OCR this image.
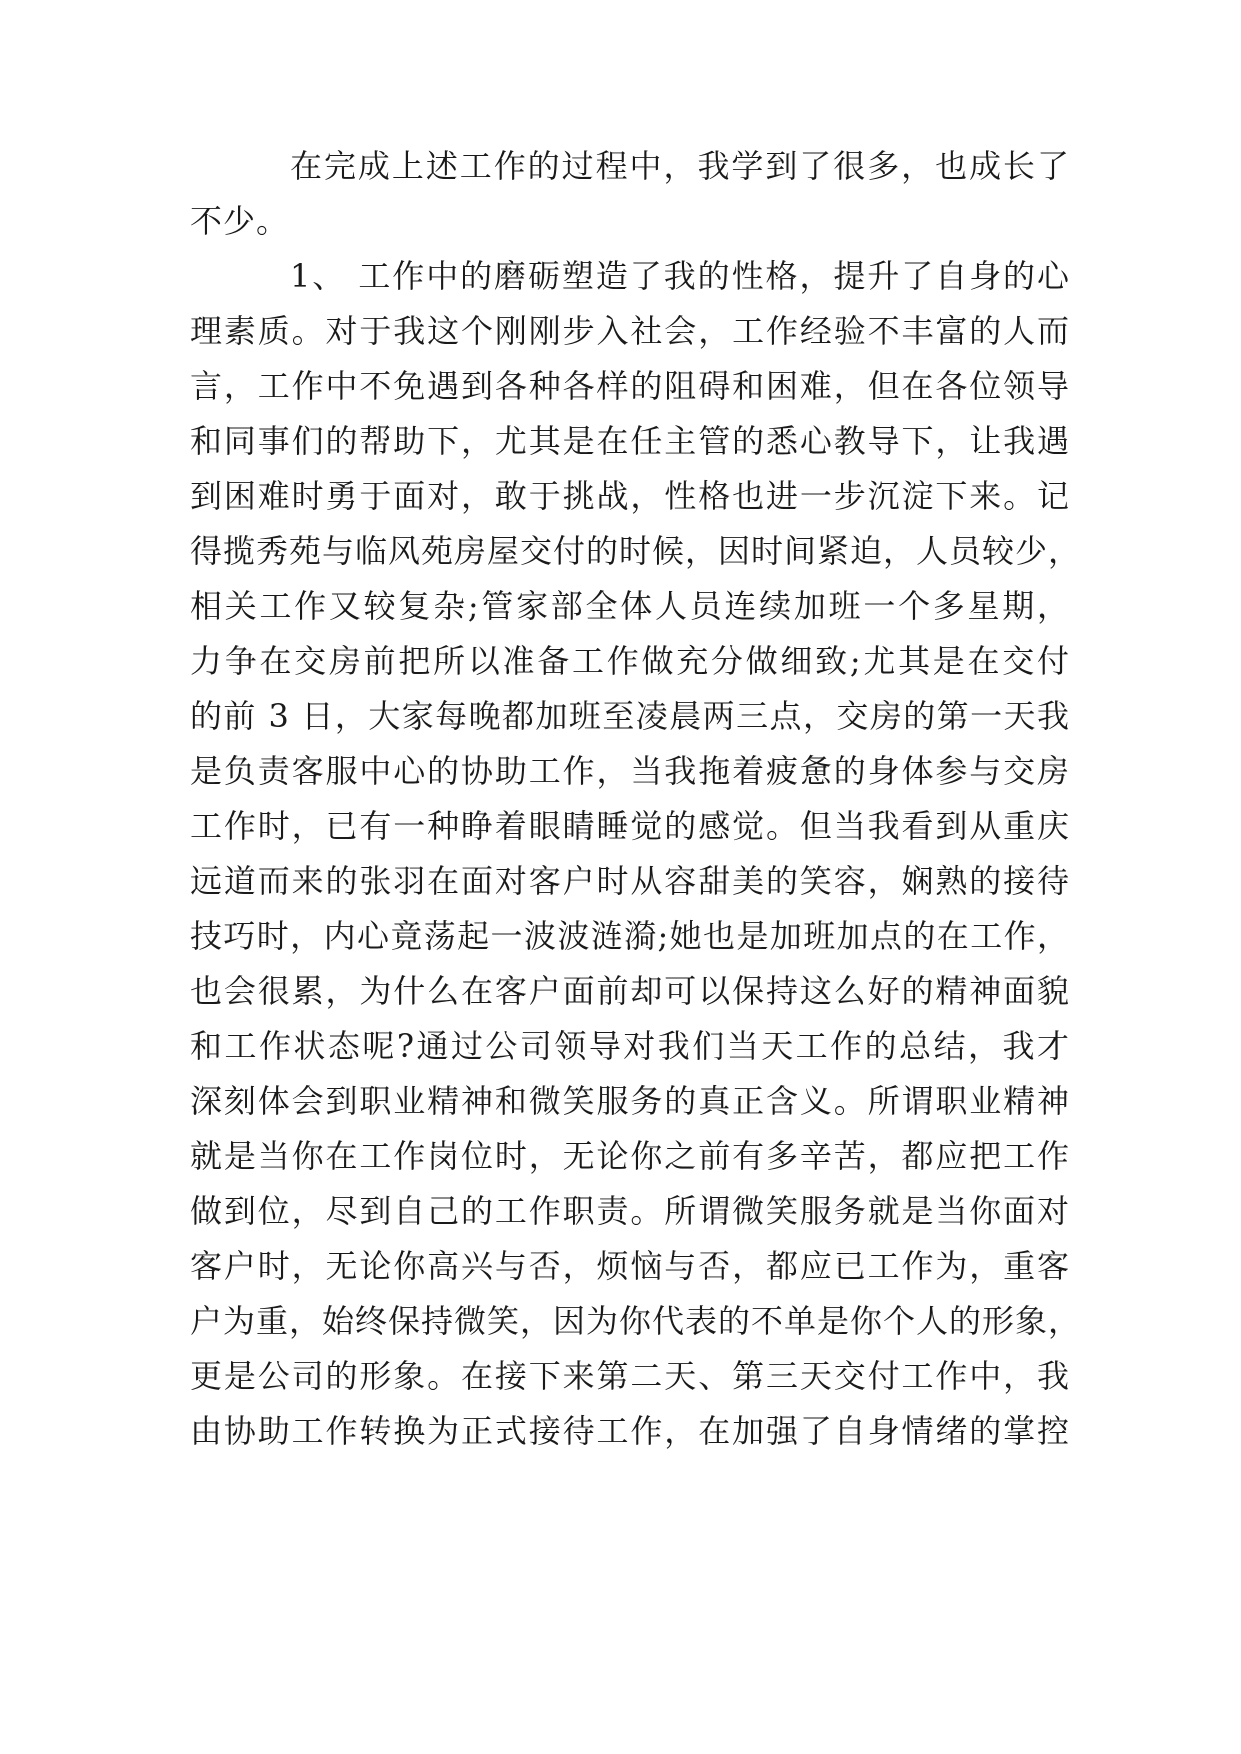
在完成上述工作的过程中，我学到了很多，也成长了
不少。
1、 工作中的磨砺塑造了我的性格，提升了自身的心
理素质。对于我这个刚刚步入社会，工作经验不丰富的人而
言，工作中不免遇到各种各样的阻碍和困难，但在各位领导
和同事们的帮助下，尤其是在任主管的悉心教导下，让我遇
到困难时勇于面对，敢于挑战，性格也进一步沉淀下来。记
得揽秀苑与临风苑房屋交付的时候，因时间紧迫，人员较少，
相关工作又较复杂;管家部全体人员连续加班一个多星期，
力争在交房前把所以准备工作做充分做细致;尤其是在交付
的前 3 日，大家每晚都加班至凌晨两三点，交房的第一天我
是负责客服中心的协助工作，当我拖着疲惫的身体参与交房
工作时，已有一种睁着眼睛睡觉的感觉。但当我看到从重庆
远道而来的张羽在面对客户时从容甜美的笑容，娴熟的接待
技巧时，内心竟荡起一波波涟漪;她也是加班加点的在工作，
也会很累，为什么在客户面前却可以保持这么好的精神面貌
和工作状态呢?通过公司领导对我们当天工作的总结，我才
深刻体会到职业精神和微笑服务的真正含义。所谓职业精神
就是当你在工作岗位时，无论你之前有多辛苦，都应把工作
做到位，尽到自己的工作职责。所谓微笑服务就是当你面对
客户时，无论你高兴与否，烦恼与否，都应已工作为，重客
户为重，始终保持微笑，因为你代表的不单是你个人的形象，
更是公司的形象。在接下来第二天、第三天交付工作中，我
由协助工作转换为正式接待工作，在加强了自身情绪的掌控
